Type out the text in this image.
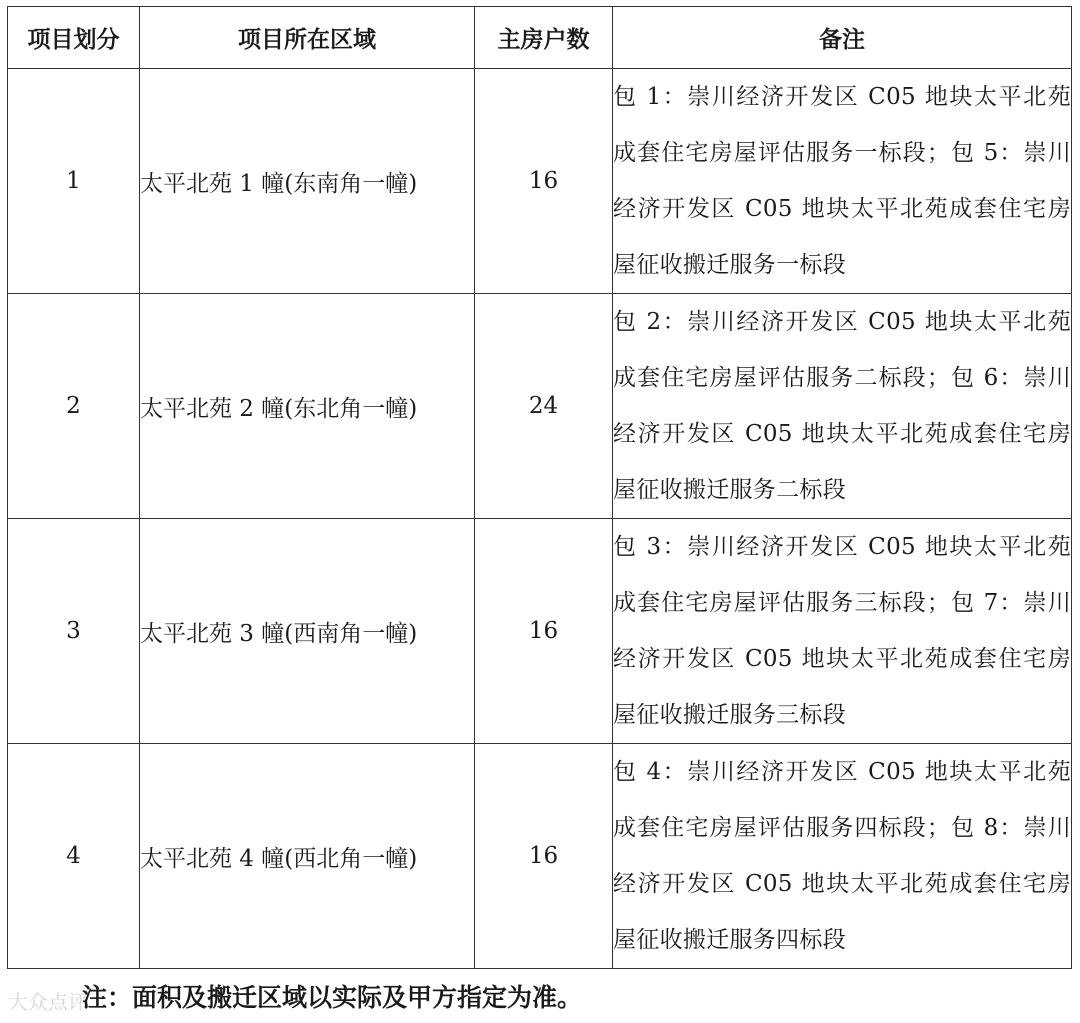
项目划分	项目所在区域	主房户数	备注
1	太平北苑 1 幢(东南角一幢)	16	包 1：崇川经济开发区 C05 地块太平北苑成套住宅房屋评估服务一标段；包 5：崇川经济开发区 C05 地块太平北苑成套住宅房屋征收搬迁服务一标段
2	太平北苑 2 幢(东北角一幢)	24	包 2：崇川经济开发区 C05 地块太平北苑成套住宅房屋评估服务二标段；包 6：崇川经济开发区 C05 地块太平北苑成套住宅房屋征收搬迁服务二标段
3	太平北苑 3 幢(西南角一幢)	16	包 3：崇川经济开发区 C05 地块太平北苑成套住宅房屋评估服务三标段；包 7：崇川经济开发区 C05 地块太平北苑成套住宅房屋征收搬迁服务三标段
4	太平北苑 4 幢(西北角一幢)	16	包 4：崇川经济开发区 C05 地块太平北苑成套住宅房屋评估服务四标段；包 8：崇川经济开发区 C05 地块太平北苑成套住宅房屋征收搬迁服务四标段
大众点评
注：面积及搬迁区域以实际及甲方指定为准。
